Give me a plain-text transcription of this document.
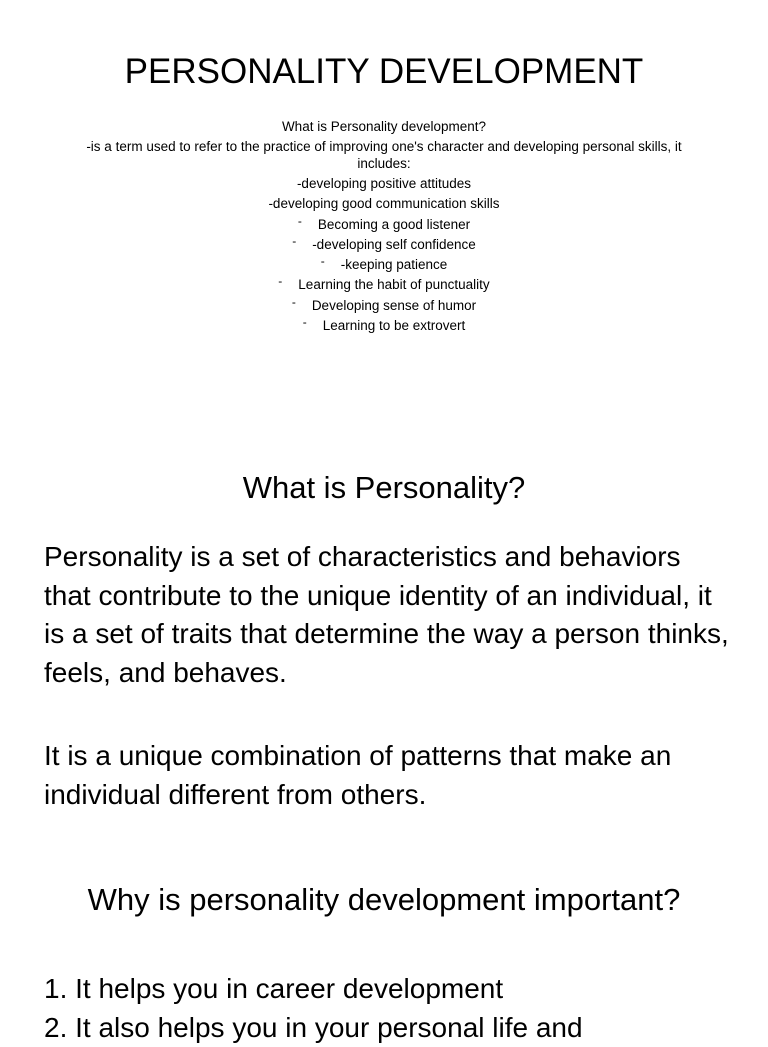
PERSONALITY DEVELOPMENT

What is Personality development?

-is a term used to refer to the practice of improving one's character and developing personal skills, it includes:

-developing positive attitudes

-developing good communication skills

- Becoming a good listener

- -developing self confidence

- -keeping patience

- Learning the habit of punctuality

- Developing sense of humor

- Learning to be extrovert

What is Personality?
Personality is a set of characteristics and behaviors that contribute to the unique identity of an individual, it is a set of traits that determine the way a person thinks, feels, and behaves.
It is a unique combination of patterns that make an individual different from others.
Why is personality development important?
1. It helps you in career development
2. It also helps you in your personal life and
